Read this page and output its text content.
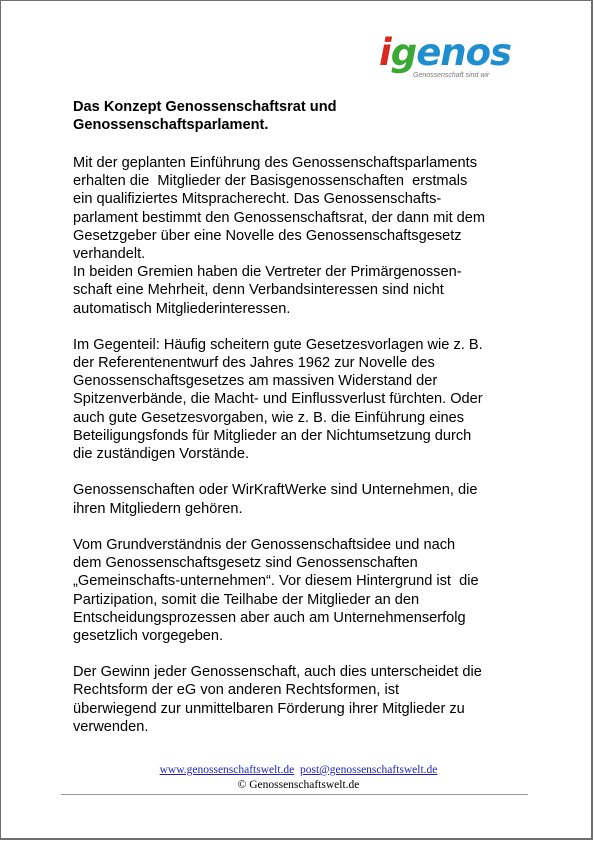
igenos
Genossenschaft sind wir
Das Konzept Genossenschaftsrat und
Genossenschaftsparlament.
Mit der geplanten Einführung des Genossenschaftsparlaments
erhalten die  Mitglieder der Basisgenossenschaften  erstmals
ein qualifiziertes Mitspracherecht. Das Genossenschafts-
parlament bestimmt den Genossenschaftsrat, der dann mit dem
Gesetzgeber über eine Novelle des Genossenschaftsgesetz
verhandelt.
In beiden Gremien haben die Vertreter der Primärgenossen-
schaft eine Mehrheit, denn Verbandsinteressen sind nicht
automatisch Mitgliederinteressen.
Im Gegenteil: Häufig scheitern gute Gesetzesvorlagen wie z. B.
der Referentenentwurf des Jahres 1962 zur Novelle des
Genossenschaftsgesetzes am massiven Widerstand der
Spitzenverbände, die Macht- und Einflussverlust fürchten. Oder
auch gute Gesetzesvorgaben, wie z. B. die Einführung eines
Beteiligungsfonds für Mitglieder an der Nichtumsetzung durch
die zuständigen Vorstände.
Genossenschaften oder WirKraftWerke sind Unternehmen, die
ihren Mitgliedern gehören.
Vom Grundverständnis der Genossenschaftsidee und nach
dem Genossenschaftsgesetz sind Genossenschaften
„Gemeinschafts-unternehmen“. Vor diesem Hintergrund ist  die
Partizipation, somit die Teilhabe der Mitglieder an den
Entscheidungsprozessen aber auch am Unternehmenserfolg
gesetzlich vorgegeben.
Der Gewinn jeder Genossenschaft, auch dies unterscheidet die
Rechtsform der eG von anderen Rechtsformen, ist
überwiegend zur unmittelbaren Förderung ihrer Mitglieder zu
verwenden.
www.genossenschaftswelt.de post@genossenschaftswelt.de
© Genossenschaftswelt.de
